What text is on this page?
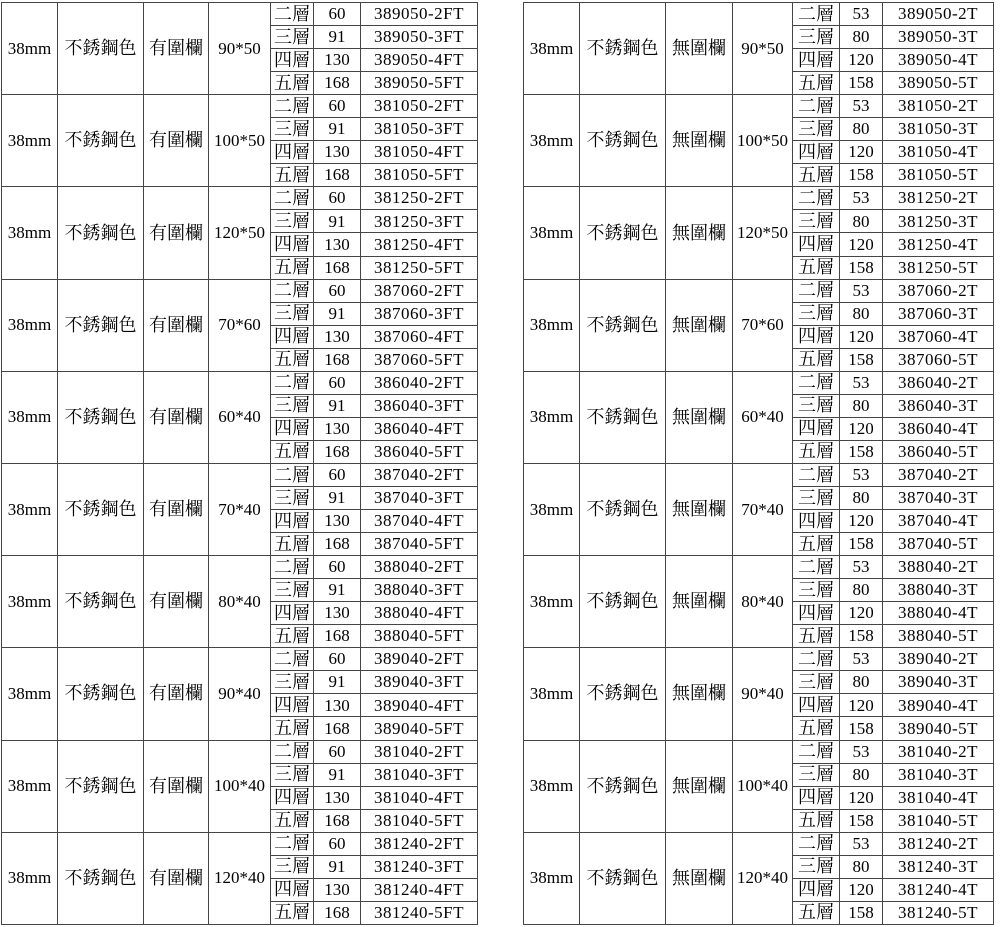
38mm	不銹鋼色	有圍欄	90*50	二層	60	389050-2FT
				三層	91	389050-3FT
				四層	130	389050-4FT
				五層	168	389050-5FT
38mm	不銹鋼色	有圍欄	100*50	二層	60	381050-2FT
				三層	91	381050-3FT
				四層	130	381050-4FT
				五層	168	381050-5FT
38mm	不銹鋼色	有圍欄	120*50	二層	60	381250-2FT
				三層	91	381250-3FT
				四層	130	381250-4FT
				五層	168	381250-5FT
38mm	不銹鋼色	有圍欄	70*60	二層	60	387060-2FT
				三層	91	387060-3FT
				四層	130	387060-4FT
				五層	168	387060-5FT
38mm	不銹鋼色	有圍欄	60*40	二層	60	386040-2FT
				三層	91	386040-3FT
				四層	130	386040-4FT
				五層	168	386040-5FT
38mm	不銹鋼色	有圍欄	70*40	二層	60	387040-2FT
				三層	91	387040-3FT
				四層	130	387040-4FT
				五層	168	387040-5FT
38mm	不銹鋼色	有圍欄	80*40	二層	60	388040-2FT
				三層	91	388040-3FT
				四層	130	388040-4FT
				五層	168	388040-5FT
38mm	不銹鋼色	有圍欄	90*40	二層	60	389040-2FT
				三層	91	389040-3FT
				四層	130	389040-4FT
				五層	168	389040-5FT
38mm	不銹鋼色	有圍欄	100*40	二層	60	381040-2FT
				三層	91	381040-3FT
				四層	130	381040-4FT
				五層	168	381040-5FT
38mm	不銹鋼色	有圍欄	120*40	二層	60	381240-2FT
				三層	91	381240-3FT
				四層	130	381240-4FT
				五層	168	381240-5FT
38mm	不銹鋼色	無圍欄	90*50	二層	53	389050-2T
				三層	80	389050-3T
				四層	120	389050-4T
				五層	158	389050-5T
38mm	不銹鋼色	無圍欄	100*50	二層	53	381050-2T
				三層	80	381050-3T
				四層	120	381050-4T
				五層	158	381050-5T
38mm	不銹鋼色	無圍欄	120*50	二層	53	381250-2T
				三層	80	381250-3T
				四層	120	381250-4T
				五層	158	381250-5T
38mm	不銹鋼色	無圍欄	70*60	二層	53	387060-2T
				三層	80	387060-3T
				四層	120	387060-4T
				五層	158	387060-5T
38mm	不銹鋼色	無圍欄	60*40	二層	53	386040-2T
				三層	80	386040-3T
				四層	120	386040-4T
				五層	158	386040-5T
38mm	不銹鋼色	無圍欄	70*40	二層	53	387040-2T
				三層	80	387040-3T
				四層	120	387040-4T
				五層	158	387040-5T
38mm	不銹鋼色	無圍欄	80*40	二層	53	388040-2T
				三層	80	388040-3T
				四層	120	388040-4T
				五層	158	388040-5T
38mm	不銹鋼色	無圍欄	90*40	二層	53	389040-2T
				三層	80	389040-3T
				四層	120	389040-4T
				五層	158	389040-5T
38mm	不銹鋼色	無圍欄	100*40	二層	53	381040-2T
				三層	80	381040-3T
				四層	120	381040-4T
				五層	158	381040-5T
38mm	不銹鋼色	無圍欄	120*40	二層	53	381240-2T
				三層	80	381240-3T
				四層	120	381240-4T
				五層	158	381240-5T
